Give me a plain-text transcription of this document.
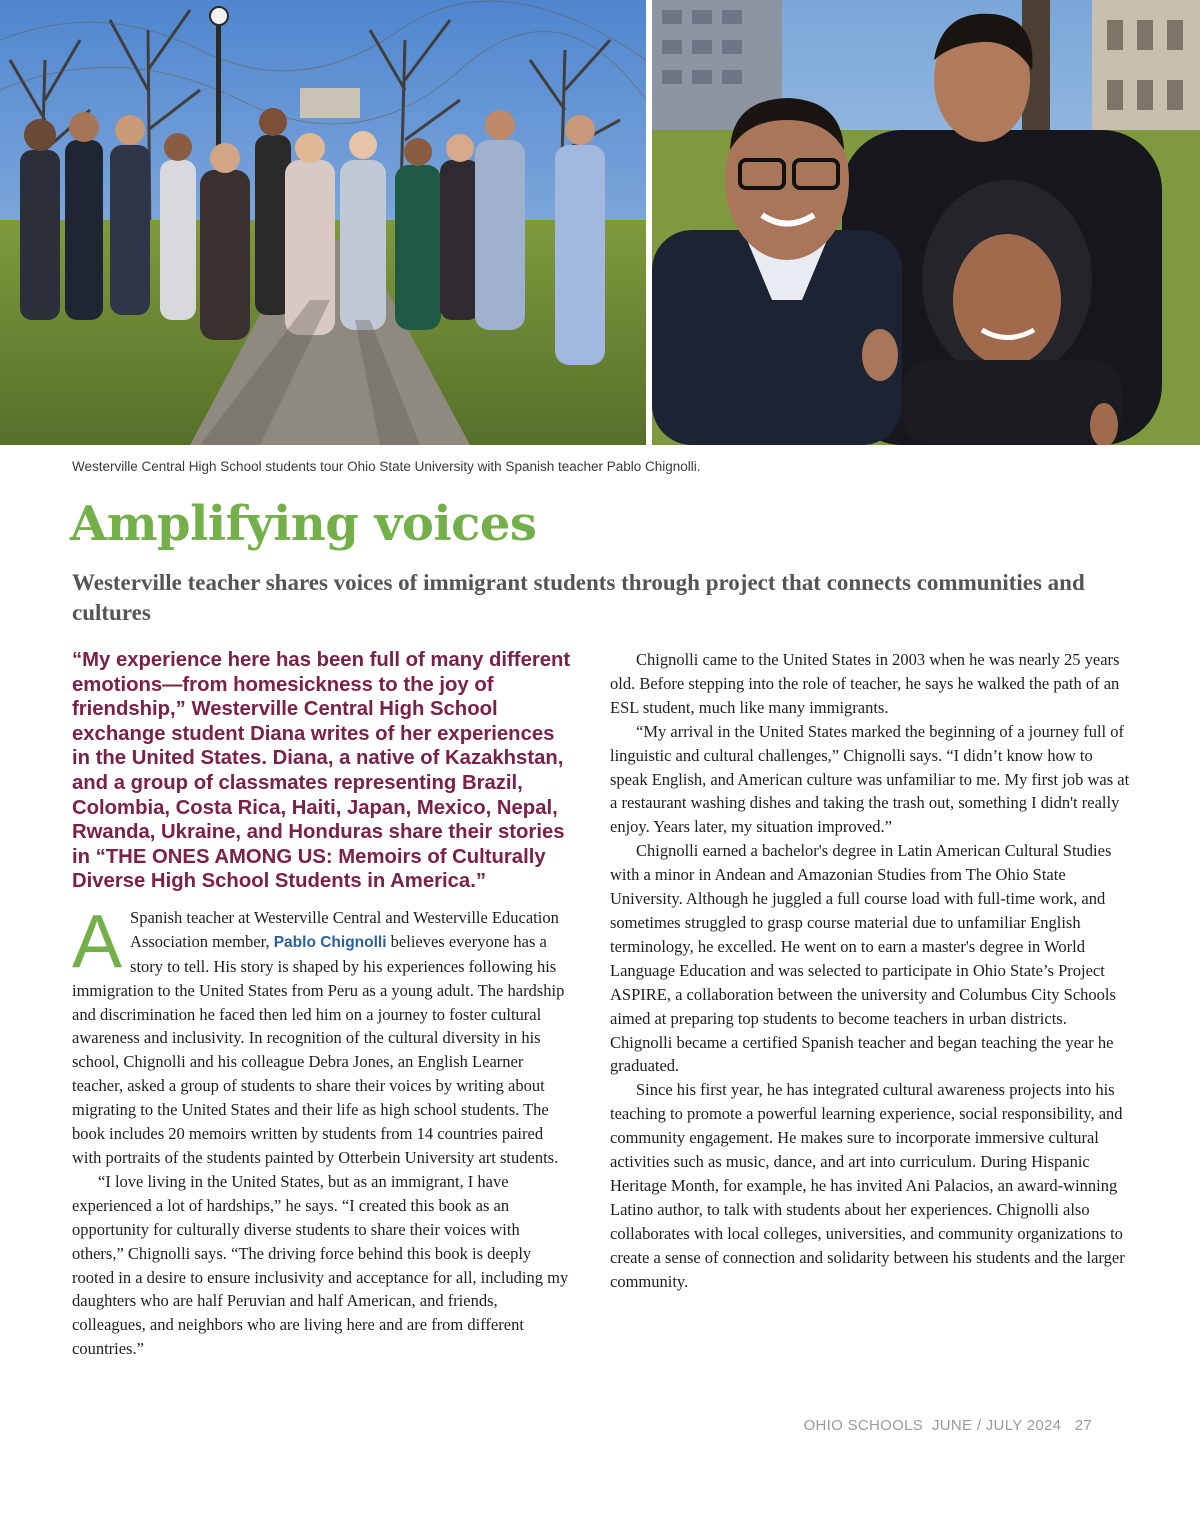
Westerville Central High School students tour Ohio State University with Spanish teacher Pablo Chignolli.
Amplifying voices
Westerville teacher shares voices of immigrant students through project that connects communities and cultures

“My experience here has been full of many different emotions—from homesickness to the joy of friendship,” Westerville Central High School exchange student Diana writes of her experiences in the United States. Diana, a native of Kazakhstan, and a group of classmates representing Brazil, Colombia, Costa Rica, Haiti, Japan, Mexico, Nepal, Rwanda, Ukraine, and Honduras share their stories in “THE ONES AMONG US: Memoirs of Culturally Diverse High School Students in America.”

A Spanish teacher at Westerville Central and Westerville Education Association member, Pablo Chignolli believes everyone has a story to tell. His story is shaped by his experiences following his immigration to the United States from Peru as a young adult. The hardship and discrimination he faced then led him on a journey to foster cultural awareness and inclusivity. In recognition of the cultural diversity in his school, Chignolli and his colleague Debra Jones, an English Learner teacher, asked a group of students to share their voices by writing about migrating to the United States and their life as high school students. The book includes 20 memoirs written by students from 14 countries paired with portraits of the students painted by Otterbein University art students.

“I love living in the United States, but as an immigrant, I have experienced a lot of hardships,” he says. “I created this book as an opportunity for culturally diverse students to share their voices with others,” Chignolli says. “The driving force behind this book is deeply rooted in a desire to ensure inclusivity and acceptance for all, including my daughters who are half Peruvian and half American, and friends, colleagues, and neighbors who are living here and are from different countries.”

Chignolli came to the United States in 2003 when he was nearly 25 years old. Before stepping into the role of teacher, he says he walked the path of an ESL student, much like many immigrants.

“My arrival in the United States marked the beginning of a journey full of linguistic and cultural challenges,” Chignolli says. “I didn’t know how to speak English, and American culture was unfamiliar to me. My first job was at a restaurant washing dishes and taking the trash out, something I didn't really enjoy. Years later, my situation improved.”

Chignolli earned a bachelor's degree in Latin American Cultural Studies with a minor in Andean and Amazonian Studies from The Ohio State University. Although he juggled a full course load with full-time work, and sometimes struggled to grasp course material due to unfamiliar English terminology, he excelled. He went on to earn a master's degree in World Language Education and was selected to participate in Ohio State’s Project ASPIRE, a collaboration between the university and Columbus City Schools aimed at preparing top students to become teachers in urban districts. Chignolli became a certified Spanish teacher and began teaching the year he graduated.

Since his first year, he has integrated cultural awareness projects into his teaching to promote a powerful learning experience, social responsibility, and community engagement. He makes sure to incorporate immersive cultural activities such as music, dance, and art into curriculum. During Hispanic Heritage Month, for example, he has invited Ani Palacios, an award-winning Latino author, to talk with students about her experiences. Chignolli also collaborates with local colleges, universities, and community organizations to create a sense of connection and solidarity between his students and the larger community.

OHIO SCHOOLS JUNE / JULY 2024 27
